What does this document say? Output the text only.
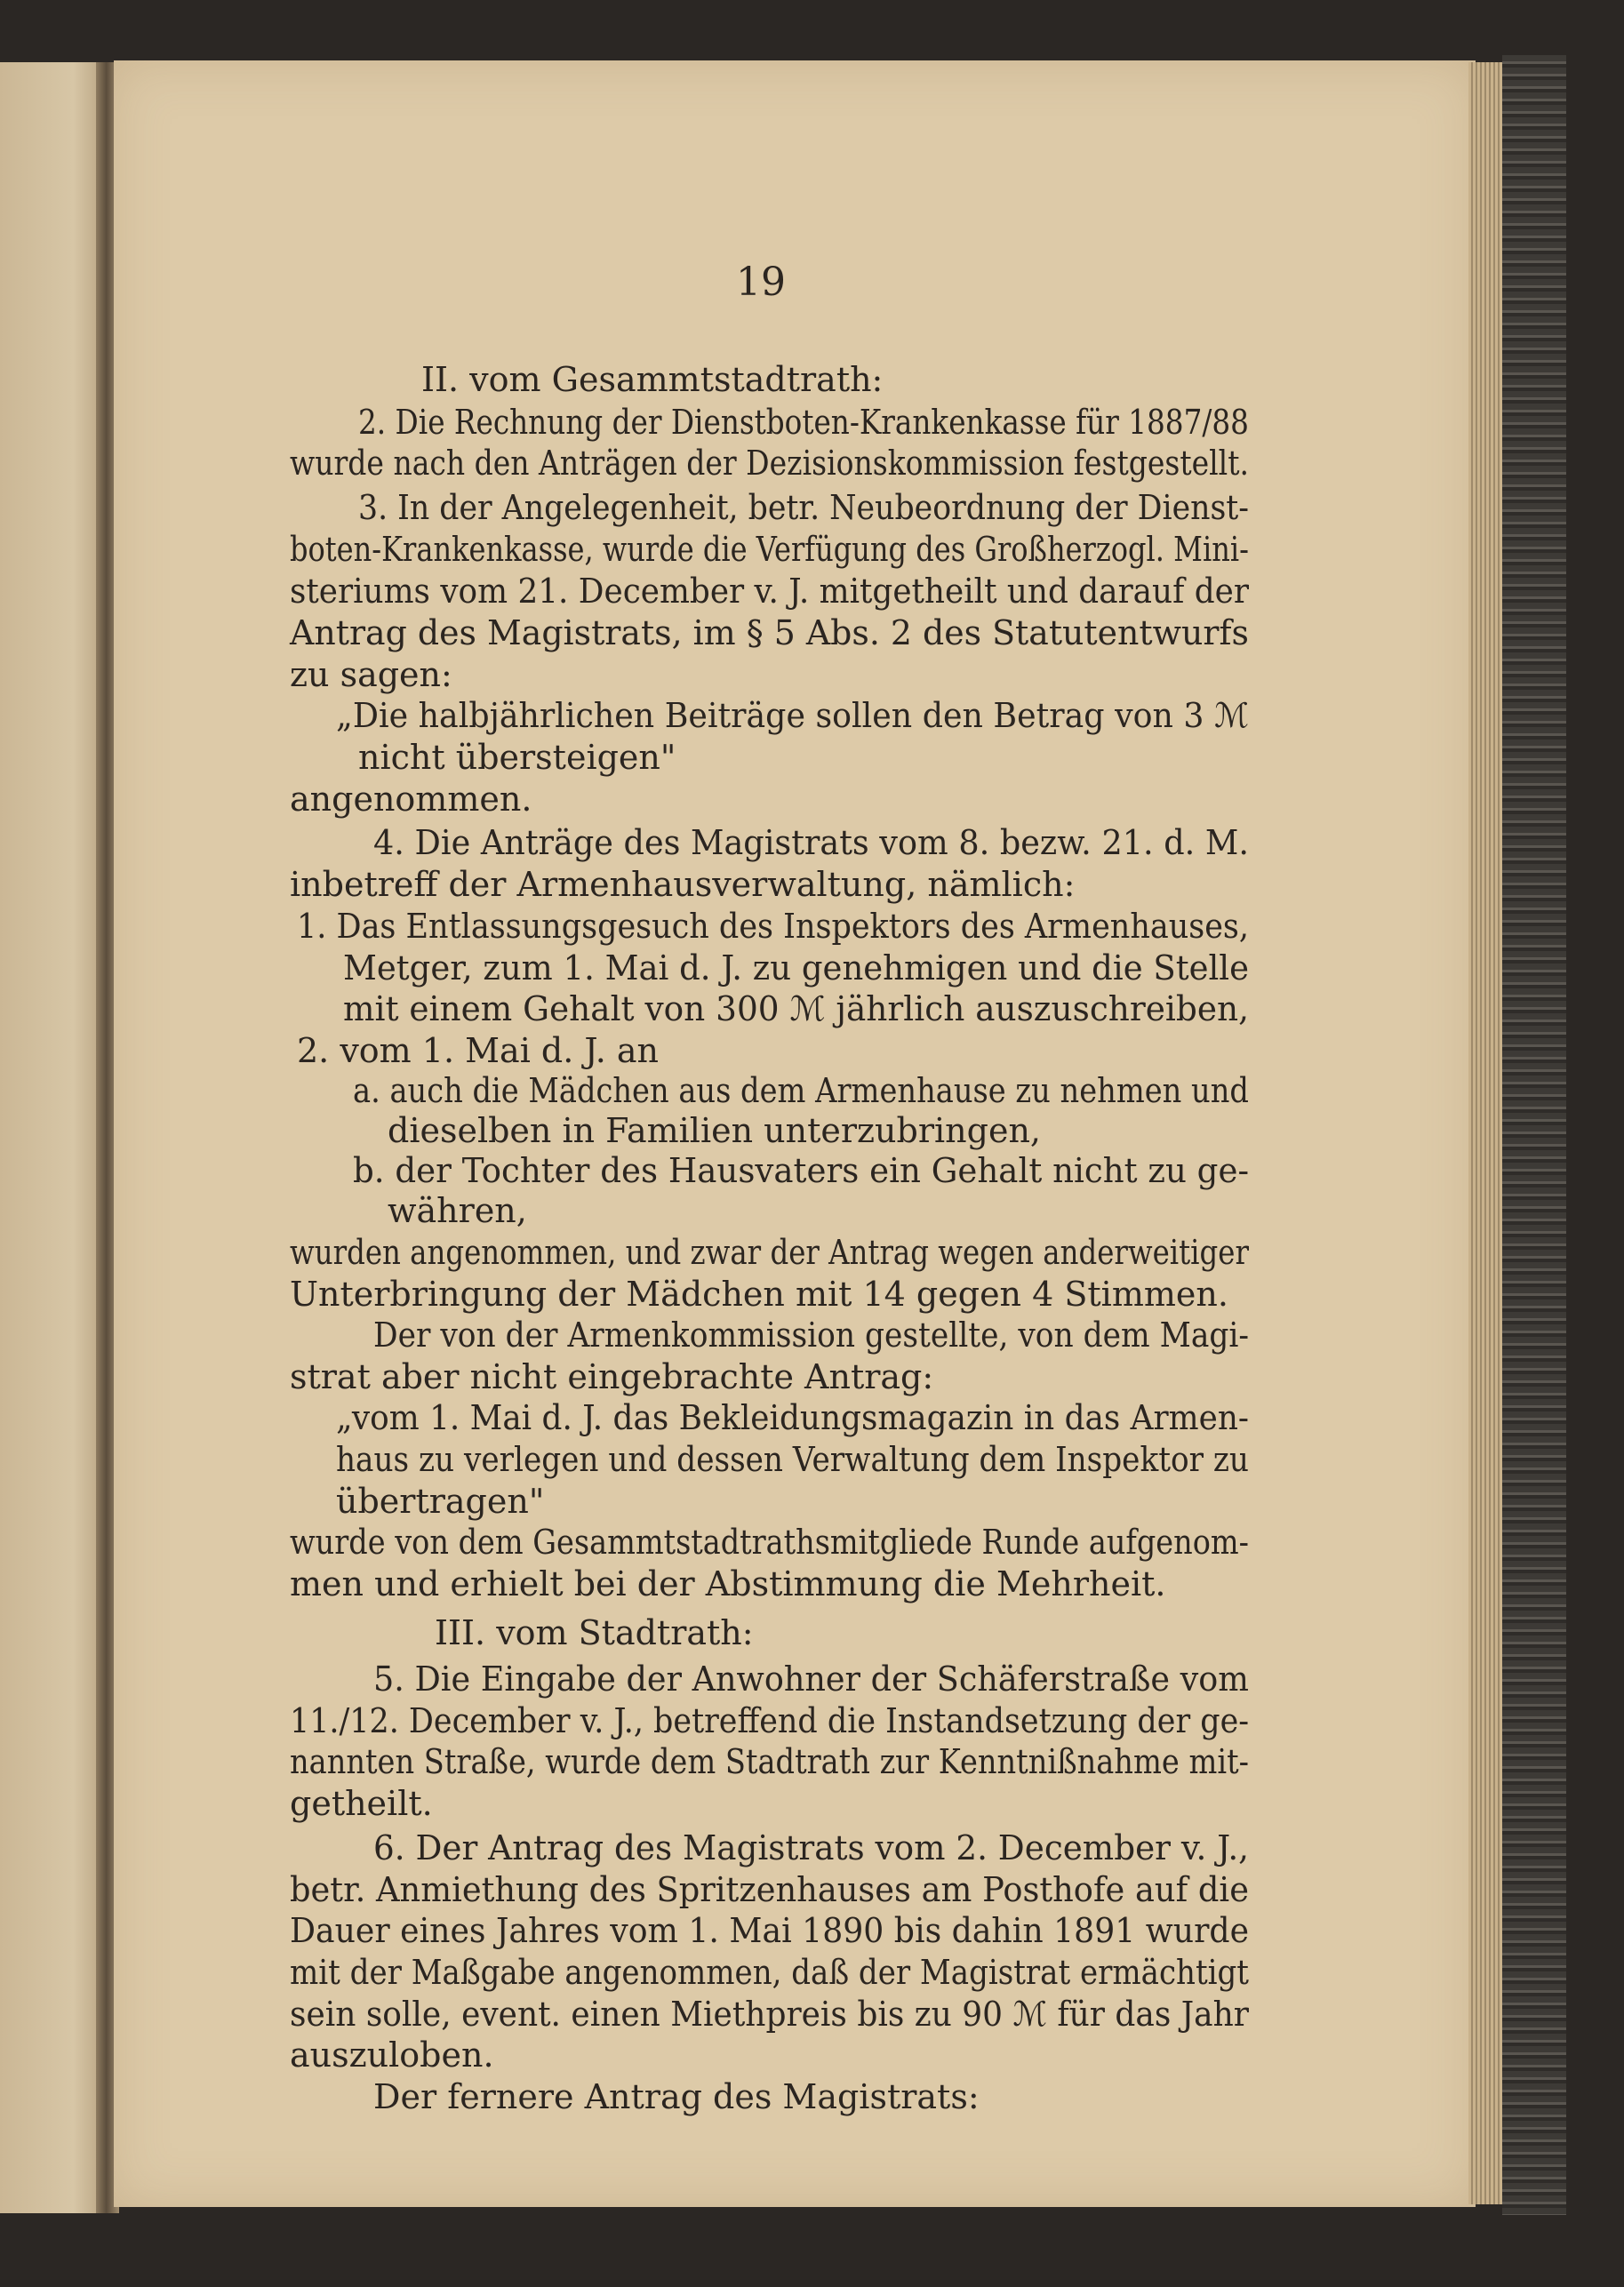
19
II. vom Gesammtstadtrath:
2. Die Rechnung der Dienstboten-Krankenkasse für 1887/88
wurde nach den Anträgen der Dezisionskommission festgestellt.
3. In der Angelegenheit, betr. Neubeordnung der Dienst-
boten-Krankenkasse, wurde die Verfügung des Großherzogl. Mini-
steriums vom 21. December v. J. mitgetheilt und darauf der
Antrag des Magistrats, im § 5 Abs. 2 des Statutentwurfs
zu sagen:
„Die halbjährlichen Beiträge sollen den Betrag von 3 ℳ
nicht übersteigen"
angenommen.
4. Die Anträge des Magistrats vom 8. bezw. 21. d. M.
inbetreff der Armenhausverwaltung, nämlich:
1. Das Entlassungsgesuch des Inspektors des Armenhauses,
Metger, zum 1. Mai d. J. zu genehmigen und die Stelle
mit einem Gehalt von 300 ℳ jährlich auszuschreiben,
2. vom 1. Mai d. J. an
a. auch die Mädchen aus dem Armenhause zu nehmen und
dieselben in Familien unterzubringen,
b. der Tochter des Hausvaters ein Gehalt nicht zu ge-
währen,
wurden angenommen, und zwar der Antrag wegen anderweitiger
Unterbringung der Mädchen mit 14 gegen 4 Stimmen.
Der von der Armenkommission gestellte, von dem Magi-
strat aber nicht eingebrachte Antrag:
„vom 1. Mai d. J. das Bekleidungsmagazin in das Armen-
haus zu verlegen und dessen Verwaltung dem Inspektor zu
übertragen"
wurde von dem Gesammtstadtrathsmitgliede Runde aufgenom-
men und erhielt bei der Abstimmung die Mehrheit.
III. vom Stadtrath:
5. Die Eingabe der Anwohner der Schäferstraße vom
11./12. December v. J., betreffend die Instandsetzung der ge-
nannten Straße, wurde dem Stadtrath zur Kenntnißnahme mit-
getheilt.
6. Der Antrag des Magistrats vom 2. December v. J.,
betr. Anmiethung des Spritzenhauses am Posthofe auf die
Dauer eines Jahres vom 1. Mai 1890 bis dahin 1891 wurde
mit der Maßgabe angenommen, daß der Magistrat ermächtigt
sein solle, event. einen Miethpreis bis zu 90 ℳ für das Jahr
auszuloben.
Der fernere Antrag des Magistrats:
